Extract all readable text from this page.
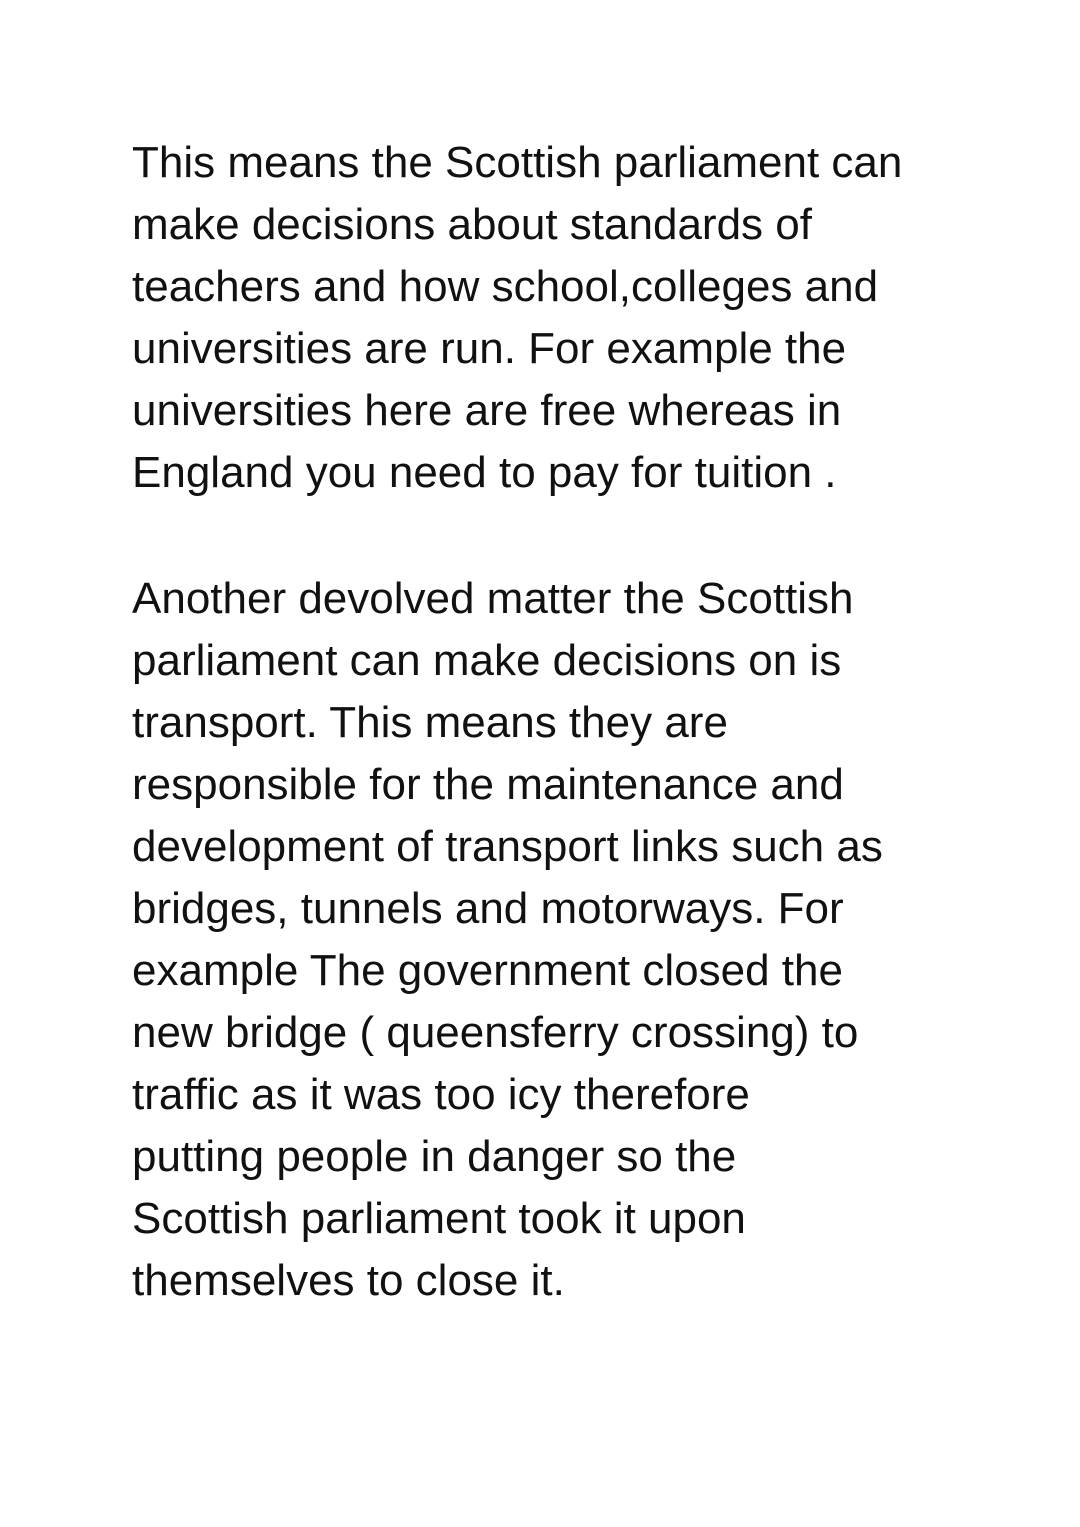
This means the Scottish parliament can
make decisions about standards of
teachers and how school,colleges and
universities are run. For example the
universities here are free whereas in
England you need to pay for tuition .
Another devolved matter the Scottish
parliament can make decisions on is
transport. This means they are
responsible for the maintenance and
development of transport links such as
bridges, tunnels and motorways. For
example The government closed the
new bridge ( queensferry crossing) to
traffic as it was too icy therefore
putting people in danger so the
Scottish parliament took it upon
themselves to close it.
